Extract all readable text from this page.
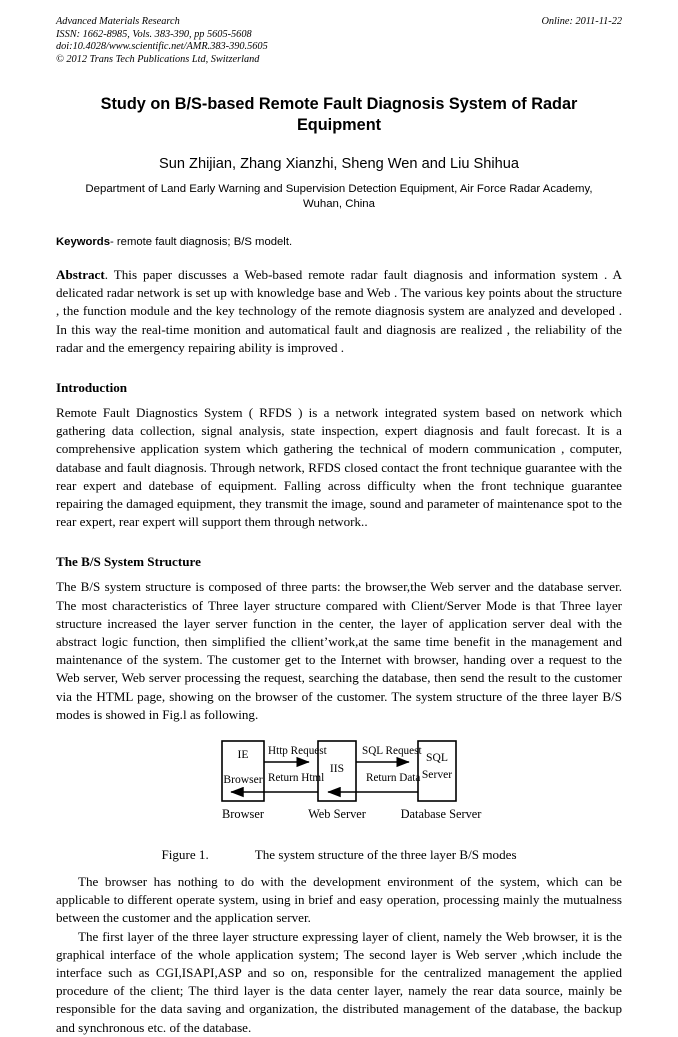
Advanced Materials Research
ISSN: 1662-8985, Vols. 383-390, pp 5605-5608
doi:10.4028/www.scientific.net/AMR.383-390.5605
© 2012 Trans Tech Publications Ltd, Switzerland
Online: 2011-11-22
Study on B/S-based Remote Fault Diagnosis System of Radar Equipment
Sun Zhijian, Zhang Xianzhi, Sheng Wen and Liu Shihua
Department of Land Early Warning and Supervision Detection Equipment, Air Force Radar Academy, Wuhan, China
Keywords- remote fault diagnosis; B/S modelt.
Abstract. This paper discusses a Web-based remote radar fault diagnosis and information system . A delicated radar network is set up with knowledge base and Web . The various key points about the structure , the function module and the key technology of the remote diagnosis system are analyzed and developed . In this way the real-time monition and automatical fault and diagnosis are realized , the reliability of the radar and the emergency repairing ability is improved .
Introduction
Remote Fault Diagnostics System ( RFDS ) is a network integrated system based on network which gathering data collection, signal analysis, state inspection, expert diagnosis and fault forecast. It is a comprehensive application system which gathering the technical of modern communication , computer, database and fault diagnosis. Through network, RFDS closed contact the front technique guarantee with the rear expert and datebase of equipment. Falling across difficulty when the front technique guarantee repairing the damaged equipment, they transmit the image, sound and parameter of maintenance spot to the rear expert, rear expert will support them through network..
The B/S System Structure
The B/S system structure is composed of three parts: the browser,the Web server and the database server. The most characteristics of Three layer structure compared with Client/Server Mode is that Three layer structure increased the layer server function in the center, the layer of application server deal with the abstract logic function, then simplified the cllient’work,at the same time benefit in the management and maintenance of the system. The customer get to the Internet with browser, handing over a request to the Web server, Web server processing the request, searching the database, then send the result to the customer via the HTML page, showing on the browser of the customer. The system structure of the three layer B/S modes is showed in Fig.l as following.
IE
Browser
IIS
SQL
Server
Http Request
Return Html
SQL Request
Return Data
Browser	Web Server	Database Server
Figure 1.	The system structure of the three layer B/S modes
The browser has nothing to do with the development environment of the system, which can be applicable to different operate system, using in brief and easy operation, processing mainly the mutualness between the customer and the application server.
The first layer of the three layer structure expressing layer of client, namely the Web browser, it is the graphical interface of the whole application system; The second layer is Web server ,which include the interface such as CGI,ISAPI,ASP and so on, responsible for the centralized management the applied procedure of the client; The third layer is the data center layer, namely the rear data source, mainly be responsible for the data saving and organization, the distributed management of the database, the backup and synchronous etc. of the database.
